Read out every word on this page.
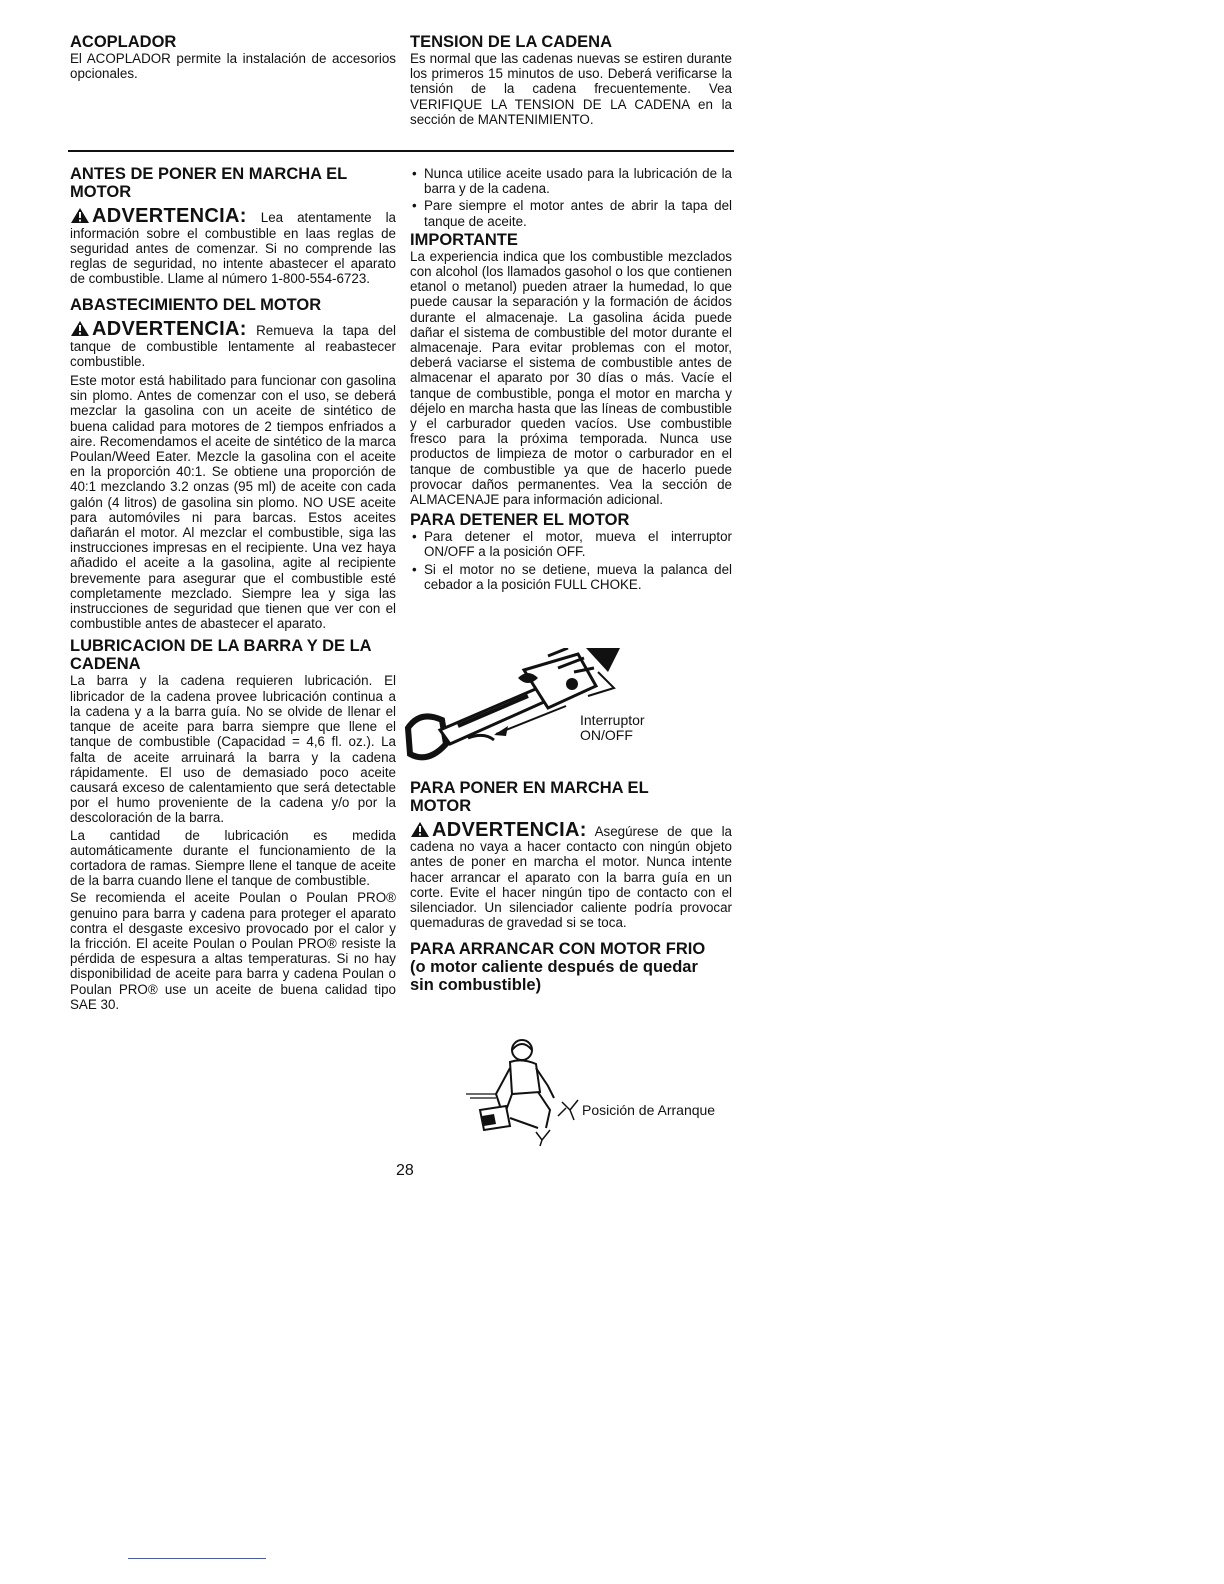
ACOPLADOR

El ACOPLADOR permite la instalación de accesorios opcionales.

ANTES DE PONER EN MARCHA EL MOTOR
ADVERTENCIA: Lea atentamente la información sobre el combustible en laas reglas de seguridad antes de comenzar. Si no comprende las reglas de seguridad, no intente abastecer el aparato de combustible. Llame al número 1-800-554-6723.
ABASTECIMIENTO DEL MOTOR
ADVERTENCIA: Remueva la tapa del tanque de combustible lentamente al reabastecer combustible.

Este motor está habilitado para funcionar con gasolina sin plomo. Antes de comenzar con el uso, se deberá mezclar la gasolina con un aceite de sintético de buena calidad para motores de 2 tiempos enfriados a aire. Recomendamos el aceite de sintético de la marca Poulan/Weed Eater. Mezcle la gasolina con el aceite en la proporción 40:1. Se obtiene una proporción de 40:1 mezclando 3.2 onzas (95 ml) de aceite con cada galón (4 litros) de gasolina sin plomo. NO USE aceite para automóviles ni para barcas. Estos aceites dañarán el motor. Al mezclar el combustible, siga las instrucciones impresas en el recipiente. Una vez haya añadido el aceite a la gasolina, agite al recipiente brevemente para asegurar que el combustible esté completamente mezclado. Siempre lea y siga las instrucciones de seguridad que tienen que ver con el combustible antes de abastecer el aparato.

LUBRICACION DE LA BARRA Y DE LA CADENA

La barra y la cadena requieren lubricación. El libricador de la cadena provee lubricación continua a la cadena y a la barra guía. No se olvide de llenar el tanque de aceite para barra siempre que llene el tanque de combustible (Capacidad = 4,6 fl. oz.). La falta de aceite arruinará la barra y la cadena rápidamente. El uso de demasiado poco aceite causará exceso de calentamiento que será detectable por el humo proveniente de la cadena y/o por la descoloración de la barra.

La cantidad de lubricación es medida automáticamente durante el funcionamiento de la cortadora de ramas. Siempre llene el tanque de aceite de la barra cuando llene el tanque de combustible.

Se recomienda el aceite Poulan o Poulan PRO® genuino para barra y cadena para proteger el aparato contra el desgaste excesivo provocado por el calor y la fricción. El aceite Poulan o Poulan PRO® resiste la pérdida de espesura a altas temperaturas. Si no hay disponibilidad de aceite para barra y cadena Poulan o Poulan PRO® use un aceite de buena calidad tipo SAE 30.

TENSION DE LA CADENA

Es normal que las cadenas nuevas se estiren durante los primeros 15 minutos de uso. Deberá verificarse la tensión de la cadena frecuentemente. Vea VERIFIQUE LA TENSION DE LA CADENA en la sección de MANTENIMIENTO.

• Nunca utilice aceite usado para la lubricación de la barra y de la cadena.
• Pare siempre el motor antes de abrir la tapa del tanque de aceite.
IMPORTANTE

La experiencia indica que los combustible mezclados con alcohol (los llamados gasohol o los que contienen etanol o metanol) pueden atraer la humedad, lo que puede causar la separación y la formación de ácidos durante el almacenaje. La gasolina ácida puede dañar el sistema de combustible del motor durante el almacenaje. Para evitar problemas con el motor, deberá vaciarse el sistema de combustible antes de almacenar el aparato por 30 días o más. Vacíe el tanque de combustible, ponga el motor en marcha y déjelo en marcha hasta que las líneas de combustible y el carburador queden vacíos. Use combustible fresco para la próxima temporada. Nunca use productos de limpieza de motor o carburador en el tanque de combustible ya que de hacerlo puede provocar daños permanentes. Vea la sección de ALMACENAJE para información adicional.

PARA DETENER EL MOTOR
• Para detener el motor, mueva el interruptor ON/OFF a la posición OFF.
• Si el motor no se detiene, mueva la palanca del cebador a la posición FULL CHOKE.
Interruptor
ON/OFF
PARA PONER EN MARCHA EL MOTOR
ADVERTENCIA: Asegúrese de que la cadena no vaya a hacer contacto con ningún objeto antes de poner en marcha el motor. Nunca intente hacer arrancar el aparato con la barra guía en un corte. Evite el hacer ningún tipo de contacto con el silenciador. Un silenciador caliente podría provocar quemaduras de gravedad si se toca.
PARA ARRANCAR CON MOTOR FRIO (o motor caliente después de quedar sin combustible)
Posición de Arranque
28
